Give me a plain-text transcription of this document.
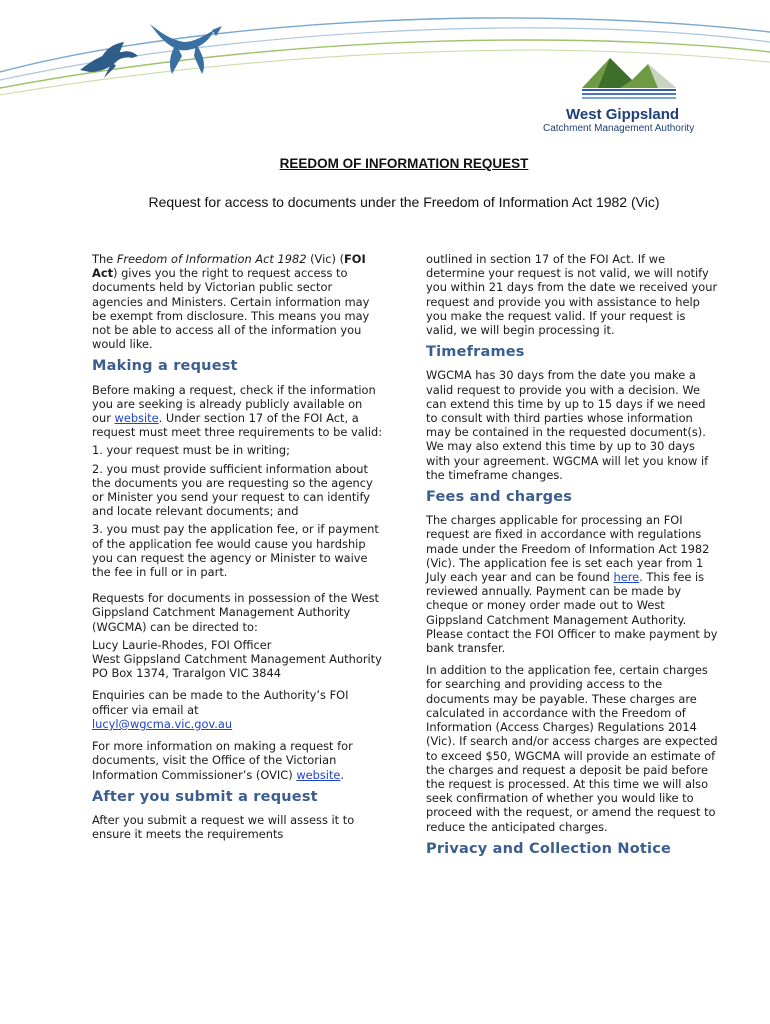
West Gippsland
Catchment Management Authority
REEDOM OF INFORMATION REQUEST
Request for access to documents under the Freedom of Information Act 1982 (Vic)

The Freedom of Information Act 1982 (Vic) (FOI Act) gives you the right to request access to documents held by Victorian public sector agencies and Ministers. Certain information may be exempt from disclosure. This means you may not be able to access all of the information you would like.

Making a request

Before making a request, check if the information you are seeking is already publicly available on our website. Under section 17 of the FOI Act, a request must meet three requirements to be valid:

1. your request must be in writing;

2. you must provide sufficient information about the documents you are requesting so the agency or Minister you send your request to can identify and locate relevant documents; and

3. you must pay the application fee, or if payment of the application fee would cause you hardship you can request the agency or Minister to waive the fee in full or in part.

Requests for documents in possession of the West Gippsland Catchment Management Authority (WGCMA) can be directed to:

Lucy Laurie-Rhodes, FOI Officer
West Gippsland Catchment Management Authority
PO Box 1374, Traralgon VIC 3844

Enquiries can be made to the Authority’s FOI officer via email at
lucyl@wgcma.vic.gov.au

For more information on making a request for documents, visit the Office of the Victorian Information Commissioner’s (OVIC) website.

After you submit a request

After you submit a request we will assess it to ensure it meets the requirements

outlined in section 17 of the FOI Act. If we determine your request is not valid, we will notify you within 21 days from the date we received your request and provide you with assistance to help you make the request valid. If your request is valid, we will begin processing it.

Timeframes

WGCMA has 30 days from the date you make a valid request to provide you with a decision. We can extend this time by up to 15 days if we need to consult with third parties whose information may be contained in the requested document(s). We may also extend this time by up to 30 days with your agreement. WGCMA will let you know if the timeframe changes.

Fees and charges

The charges applicable for processing an FOI request are fixed in accordance with regulations made under the Freedom of Information Act 1982 (Vic). The application fee is set each year from 1 July each year and can be found here. This fee is reviewed annually. Payment can be made by cheque or money order made out to West Gippsland Catchment Management Authority. Please contact the FOI Officer to make payment by bank transfer.

In addition to the application fee, certain charges for searching and providing access to the documents may be payable. These charges are calculated in accordance with the Freedom of Information (Access Charges) Regulations 2014 (Vic). If search and/or access charges are expected to exceed $50, WGCMA will provide an estimate of the charges and request a deposit be paid before the request is processed. At this time we will also seek confirmation of whether you would like to proceed with the request, or amend the request to reduce the anticipated charges.

Privacy and Collection Notice
